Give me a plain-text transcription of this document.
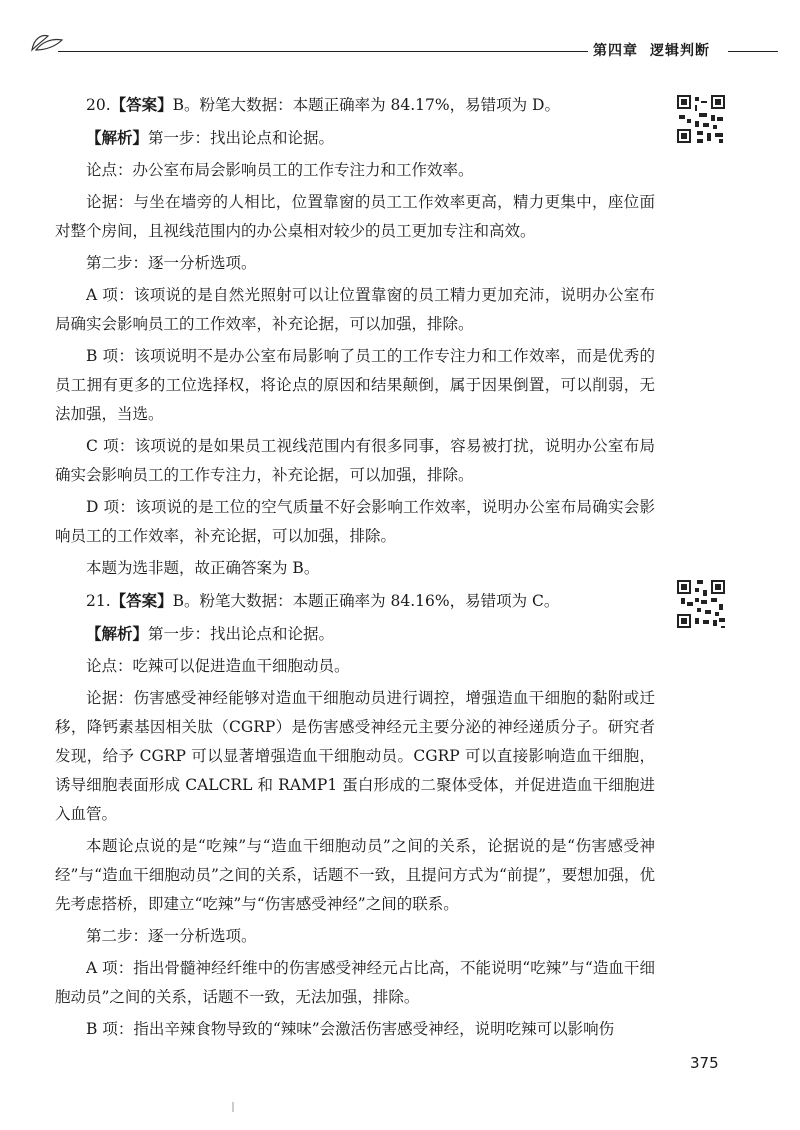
第四章 逻辑判断

20.【答案】B。粉笔大数据：本题正确率为 84.17%，易错项为 D。

【解析】第一步：找出论点和论据。

论点：办公室布局会影响员工的工作专注力和工作效率。

论据：与坐在墙旁的人相比，位置靠窗的员工工作效率更高，精力更集中，座位面对整个房间，且视线范围内的办公桌相对较少的员工更加专注和高效。

第二步：逐一分析选项。

A 项：该项说的是自然光照射可以让位置靠窗的员工精力更加充沛，说明办公室布局确实会影响员工的工作效率，补充论据，可以加强，排除。

B 项：该项说明不是办公室布局影响了员工的工作专注力和工作效率，而是优秀的员工拥有更多的工位选择权，将论点的原因和结果颠倒，属于因果倒置，可以削弱，无法加强，当选。

C 项：该项说的是如果员工视线范围内有很多同事，容易被打扰，说明办公室布局确实会影响员工的工作专注力，补充论据，可以加强，排除。

D 项：该项说的是工位的空气质量不好会影响工作效率，说明办公室布局确实会影响员工的工作效率，补充论据，可以加强，排除。

本题为选非题，故正确答案为 B。

21.【答案】B。粉笔大数据：本题正确率为 84.16%，易错项为 C。

【解析】第一步：找出论点和论据。

论点：吃辣可以促进造血干细胞动员。

论据：伤害感受神经能够对造血干细胞动员进行调控，增强造血干细胞的黏附或迁移，降钙素基因相关肽（CGRP）是伤害感受神经元主要分泌的神经递质分子。研究者发现，给予 CGRP 可以显著增强造血干细胞动员。CGRP 可以直接影响造血干细胞，诱导细胞表面形成 CALCRL 和 RAMP1 蛋白形成的二聚体受体，并促进造血干细胞进入血管。

本题论点说的是“吃辣”与“造血干细胞动员”之间的关系，论据说的是“伤害感受神经”与“造血干细胞动员”之间的关系，话题不一致，且提问方式为“前提”，要想加强，优先考虑搭桥，即建立“吃辣”与“伤害感受神经”之间的联系。

第二步：逐一分析选项。

A 项：指出骨髓神经纤维中的伤害感受神经元占比高，不能说明“吃辣”与“造血干细胞动员”之间的关系，话题不一致，无法加强，排除。

B 项：指出辛辣食物导致的“辣味”会激活伤害感受神经，说明吃辣可以影响伤

375
